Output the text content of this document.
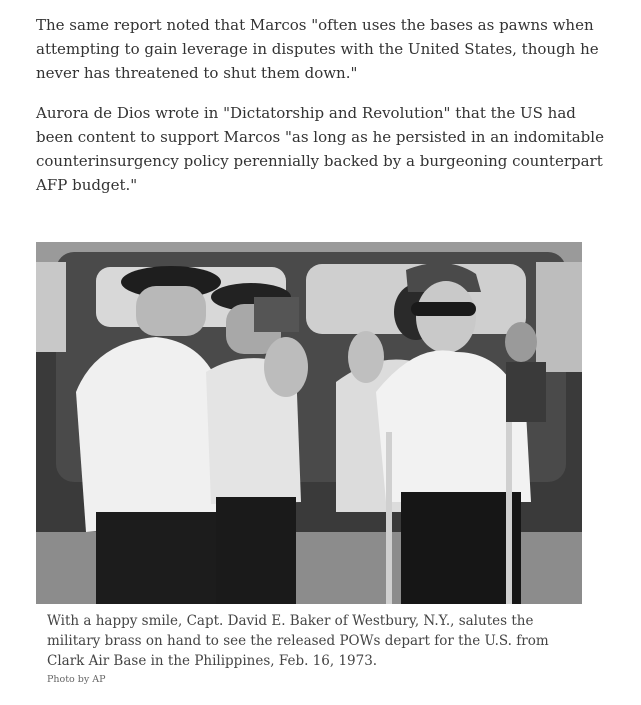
The same report noted that Marcos "often uses the bases as pawns when attempting to gain leverage in disputes with the United States, though he never has threatened to shut them down."

Aurora de Dios wrote in "Dictatorship and Revolution" that the US had been content to support Marcos "as long as he persisted in an indomitable counterinsurgency policy perennially backed by a burgeoning counterpart AFP budget."

With a happy smile, Capt. David E. Baker of Westbury, N.Y., salutes the military brass on hand to see the released POWs depart for the U.S. from Clark Air Base in the Philippines, Feb. 16, 1973.

Photo by AP
